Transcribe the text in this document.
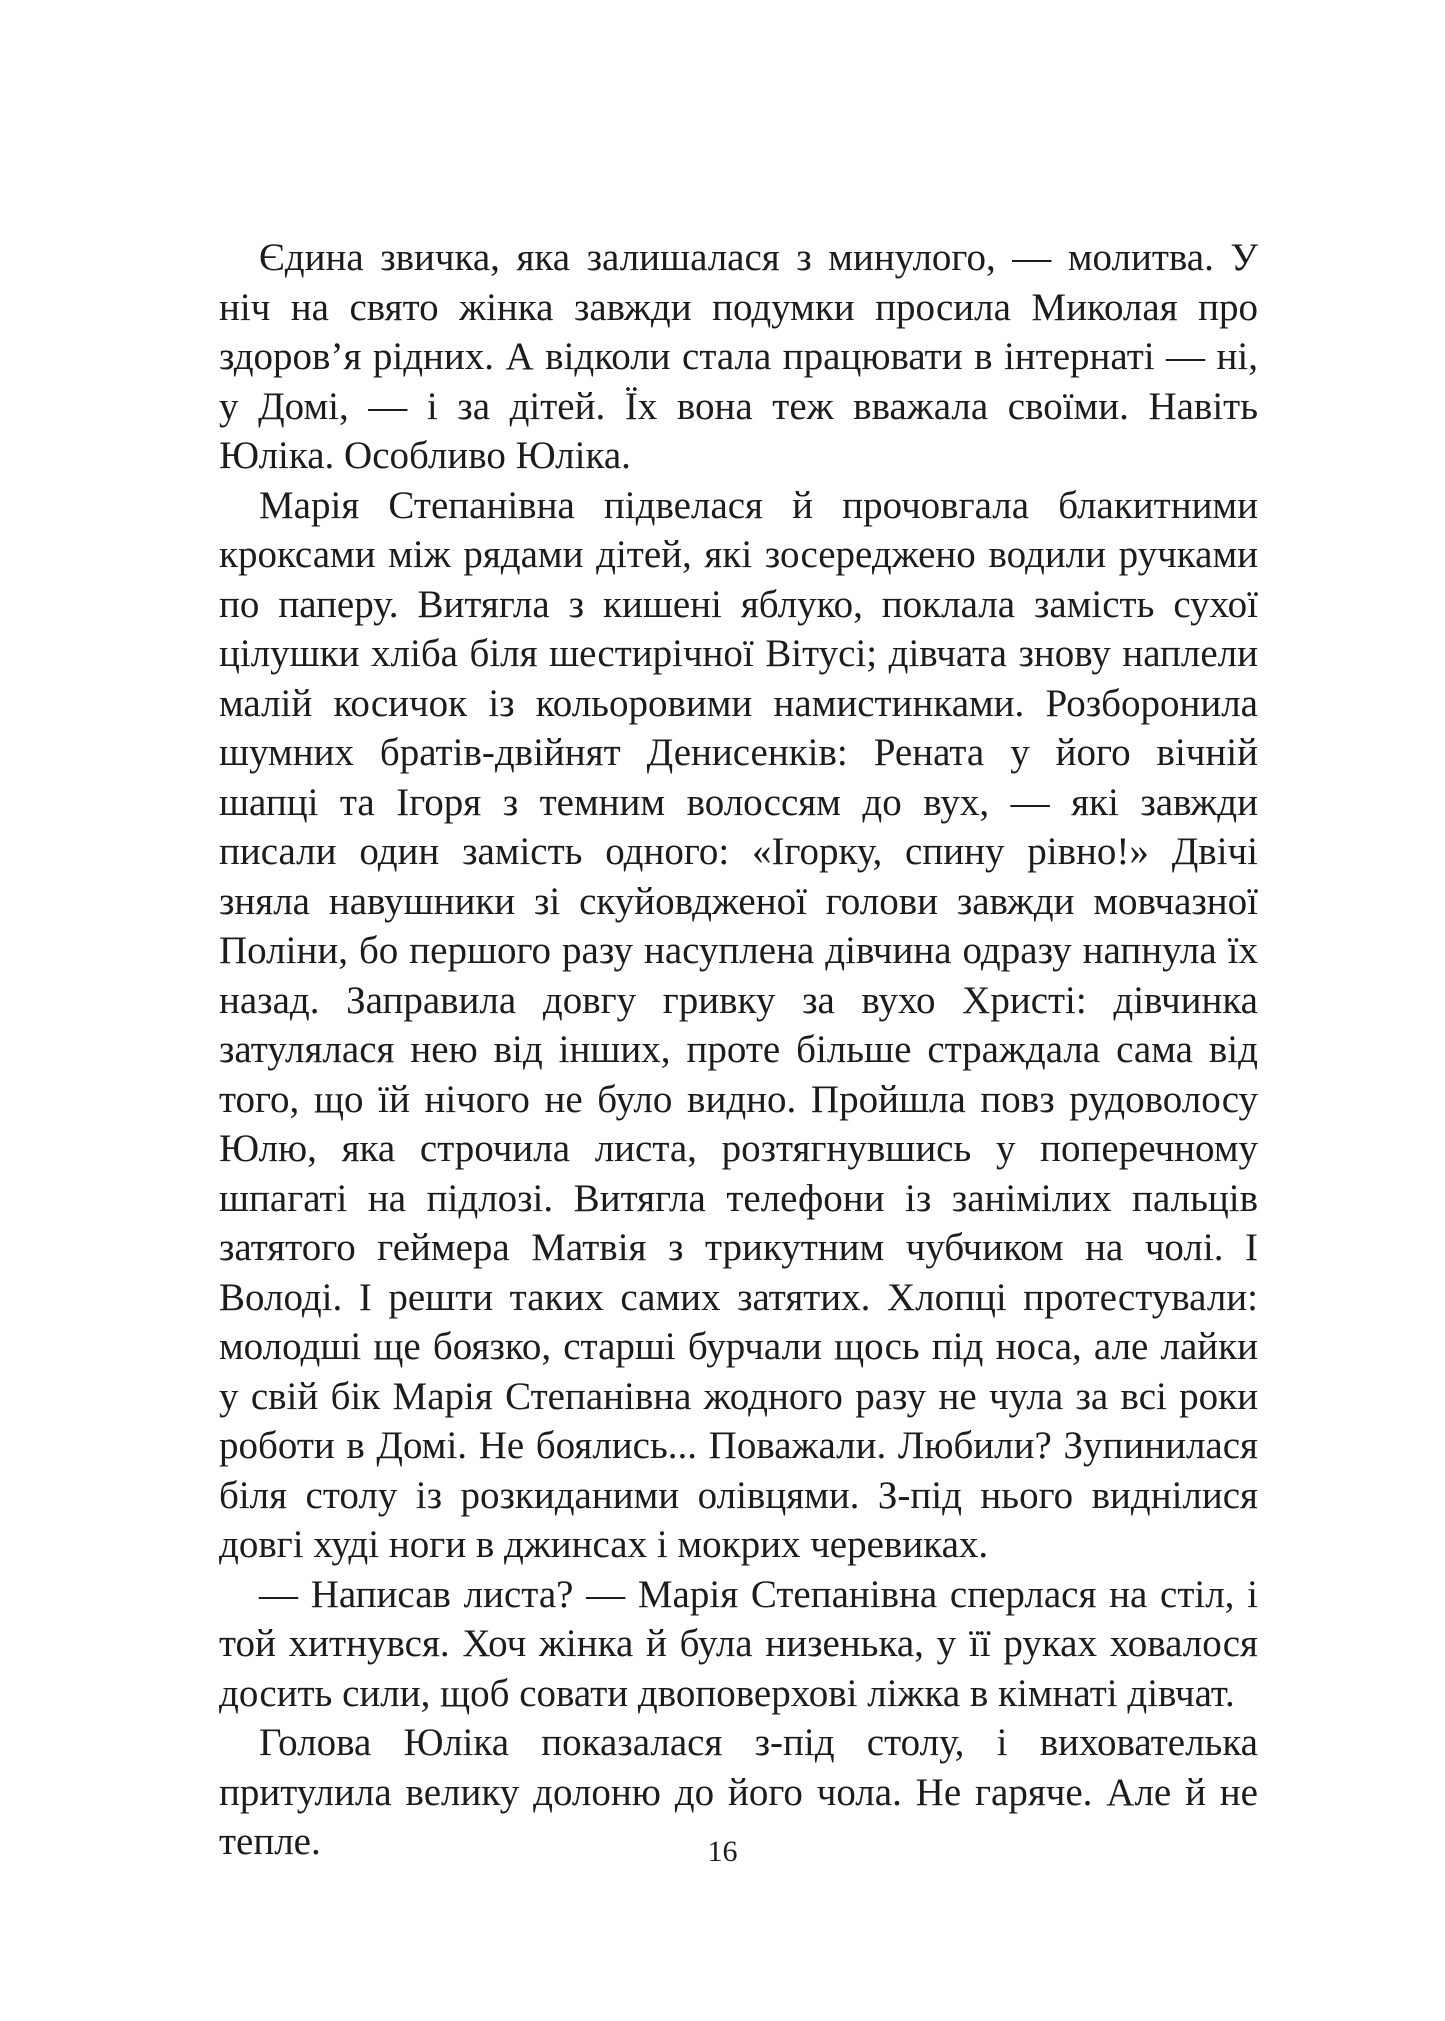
Єдина звичка, яка залишалася з минулого, — молитва. У ніч на свято жінка завжди подумки просила Миколая про здоров’я рідних. А відколи стала працювати в інтернаті — ні, у Домі, — і за дітей. Їх вона теж вважала своїми. Навіть Юліка. Особливо Юліка.

Марія Степанівна підвелася й прочовгала блакитними кроксами між рядами дітей, які зосереджено водили ручками по паперу. Витягла з кишені яблуко, поклала замість сухої цілушки хліба біля шестирічної Вітусі; дівчата знову наплели малій косичок із кольоровими намистинками. Розборонила шумних братів-двійнят Денисенків: Рената у його вічній шапці та Ігоря з темним волоссям до вух, — які завжди писали один замість одного: «Ігорку, спину рівно!» Двічі зняла навушники зі скуйовдженої голови завжди мовчазної Поліни, бо першого разу насуплена дівчина одразу напнула їх назад. Заправила довгу гривку за вухо Христі: дівчинка затулялася нею від інших, проте більше страждала сама від того, що їй нічого не було видно. Пройшла повз рудоволосу Юлю, яка строчила листа, розтягнувшись у поперечному шпагаті на підлозі. Витягла телефони із занімілих пальців затятого геймера Матвія з трикутним чубчиком на чолі. І Володі. І решти таких самих затятих. Хлопці протестували: молодші ще боязко, старші бурчали щось під носа, але лайки у свій бік Марія Степанівна жодного разу не чула за всі роки роботи в Домі. Не боялись... Поважали. Любили? Зупинилася біля столу із розкиданими олівцями. З-під нього виднілися довгі худі ноги в джинсах і мокрих черевиках.

— Написав листа? — Марія Степанівна сперлася на стіл, і той хитнувся. Хоч жінка й була низенька, у її руках ховалося досить сили, щоб совати двоповерхові ліжка в кімнаті дівчат.

Голова Юліка показалася з-під столу, і вихователька притулила велику долоню до його чола. Не гаряче. Але й не тепле.	16
